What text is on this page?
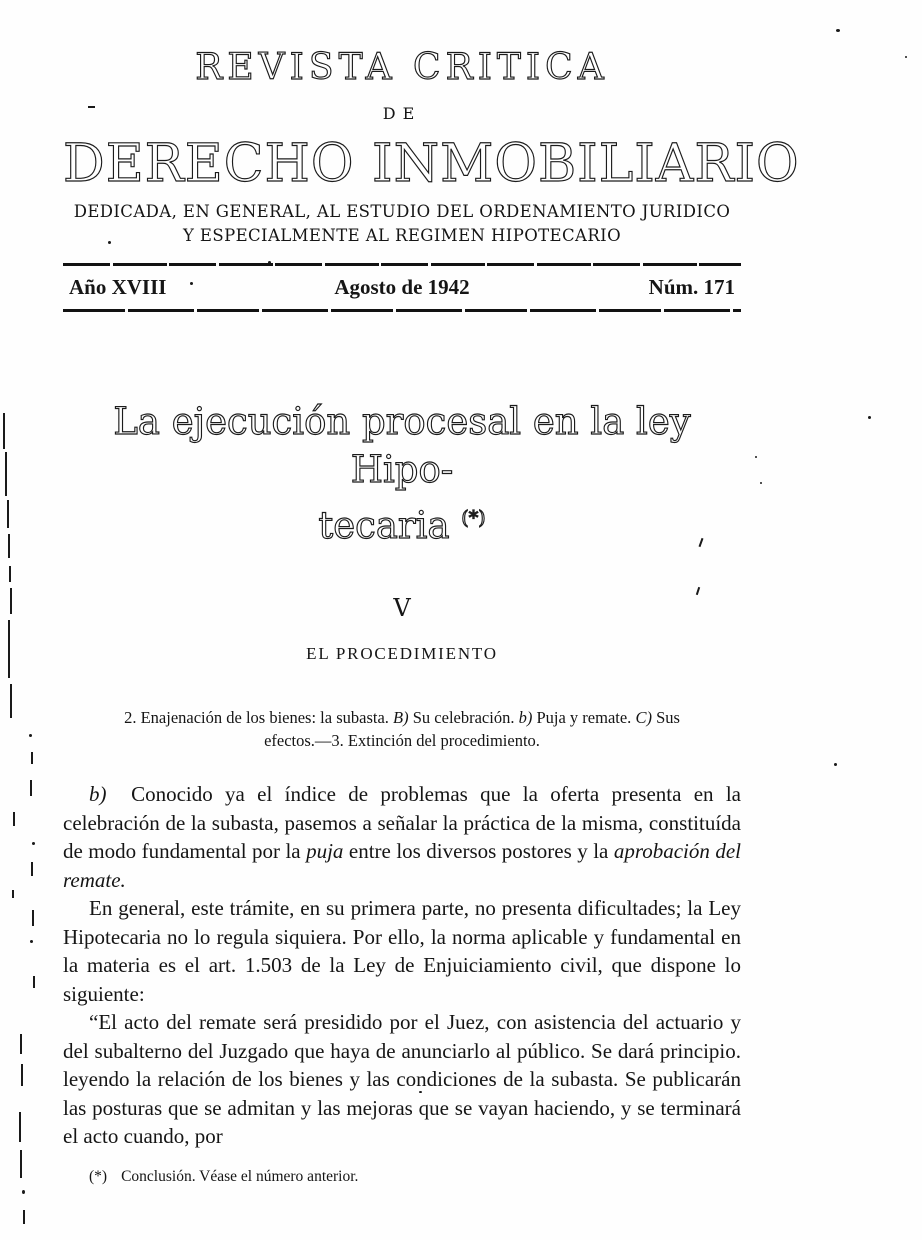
REVISTA CRITICA
DE
DERECHO INMOBILIARIO
DEDICADA, EN GENERAL, AL ESTUDIO DEL ORDENAMIENTO JURIDICO
Y ESPECIALMENTE AL REGIMEN HIPOTECARIO
Año XVIII	Agosto de 1942	Núm. 171
La ejecución procesal en la ley Hipo-
tecaria (*)
V
EL PROCEDIMIENTO
2. Enajenación de los bienes: la subasta. B) Su celebración. b) Puja y remate. C) Sus
efectos.—3. Extinción del procedimiento.

b)  Conocido ya el índice de problemas que la oferta presenta en la celebración de la subasta, pasemos a señalar la práctica de la misma, constituída de modo fundamental por la puja entre los diversos postores y la aprobación del remate.

En general, este trámite, en su primera parte, no presenta dificultades; la Ley Hipotecaria no lo regula siquiera. Por ello, la norma aplicable y fundamental en la materia es el art. 1.503 de la Ley de Enjuiciamiento civil, que dispone lo siguiente:

“El acto del remate será presidido por el Juez, con asistencia del actuario y del subalterno del Juzgado que haya de anunciarlo al público. Se dará principio. leyendo la relación de los bienes y las condiciones de la subasta. Se publicarán las posturas que se admitan y las mejoras que se vayan haciendo, y se terminará el acto cuando, por

(*) Conclusión. Véase el número anterior.
